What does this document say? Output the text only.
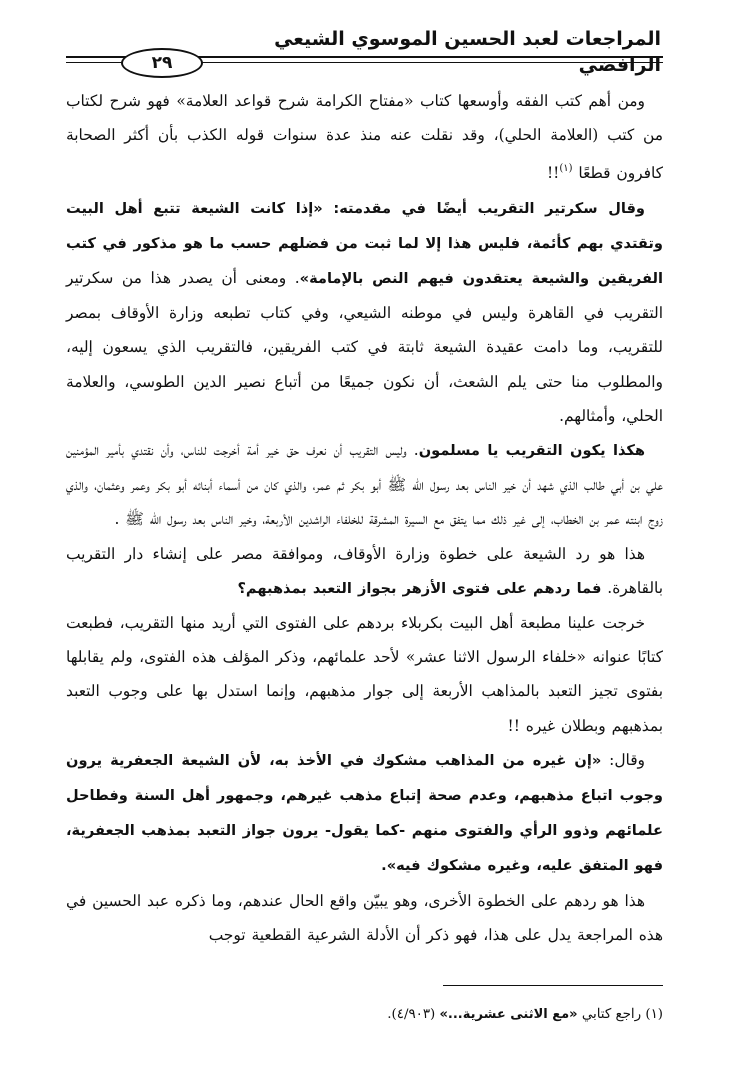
المراجعات لعبد الحسين الموسوي الشيعي الرافضي
٢٩

ومن أهم كتب الفقه وأوسعها كتاب «مفتاح الكرامة شرح قواعد العلامة» فهو شرح لكتاب من كتب (العلامة الحلي)، وقد نقلت عنه منذ عدة سنوات قوله الكذب بأن أكثر الصحابة كافرون قطعًا $^{(١)}$!!

وقال سكرتير التقريب أيضًا في مقدمته: «إذا كانت الشيعة تتبع أهل البيت وتقتدي بهم كأئمة، فليس هذا إلا لما ثبت من فضلهم حسب ما هو مذكور في كتب الفريقين والشيعة يعتقدون فيهم النص بالإمامة». ومعنى أن يصدر هذا من سكرتير التقريب في القاهرة وليس في موطنه الشيعي، وفي كتاب تطبعه وزارة الأوقاف بمصر للتقريب، وما دامت عقيدة الشيعة ثابتة في كتب الفريقين، فالتقريب الذي يسعون إليه، والمطلوب منا حتى يلم الشعث، أن نكون جميعًا من أتباع نصير الدين الطوسي، والعلامة الحلي، وأمثالهم.

هكذا يكون التقريب يا مسلمون. وليس التقريب أن نعرف حق خير أمة أخرجت للناس، وأن نقتدي بأمير المؤمنين علي بن أبي طالب الذي شهد أن خير الناس بعد رسول الله ﷺ أبو بكر ثم عمر، والذي كان من أسماء أبنائه أبو بكر وعمر وعثمان، والذي زوج ابنته عمر بن الخطاب، إلى غير ذلك مما يتفق مع السيرة المشرقة للخلفاء الراشدين الأربعة، وخير الناس بعد رسول الله ﷺ .

هذا هو رد الشيعة على خطوة وزارة الأوقاف، وموافقة مصر على إنشاء دار التقريب بالقاهرة. فما ردهم على فتوى الأزهر بجواز التعبد بمذهبهم؟

خرجت علينا مطبعة أهل البيت بكربلاء بردهم على الفتوى التي أريد منها التقريب، فطبعت كتابًا عنوانه «خلفاء الرسول الاثنا عشر» لأحد علمائهم، وذكر المؤلف هذه الفتوى، ولم يقابلها بفتوى تجيز التعبد بالمذاهب الأربعة إلى جوار مذهبهم، وإنما استدل بها على وجوب التعبد بمذهبهم وبطلان غيره !!

وقال: «إن غيره من المذاهب مشكوك في الأخذ به، لأن الشيعة الجعفرية يرون وجوب اتباع مذهبهم، وعدم صحة إتباع مذهب غيرهم، وجمهور أهل السنة وفطاحل علمائهم وذوو الرأي والفتوى منهم -كما يقول- يرون جواز التعبد بمذهب الجعفرية، فهو المتفق عليه، وغيره مشكوك فيه».

هذا هو ردهم على الخطوة الأخرى، وهو يبيّن واقع الحال عندهم، وما ذكره عبد الحسين في هذه المراجعة يدل على هذا، فهو ذكر أن الأدلة الشرعية القطعية توجب

(١) راجع كتابي «مع الاثنى عشرية...» (٤/٩٠٣).
